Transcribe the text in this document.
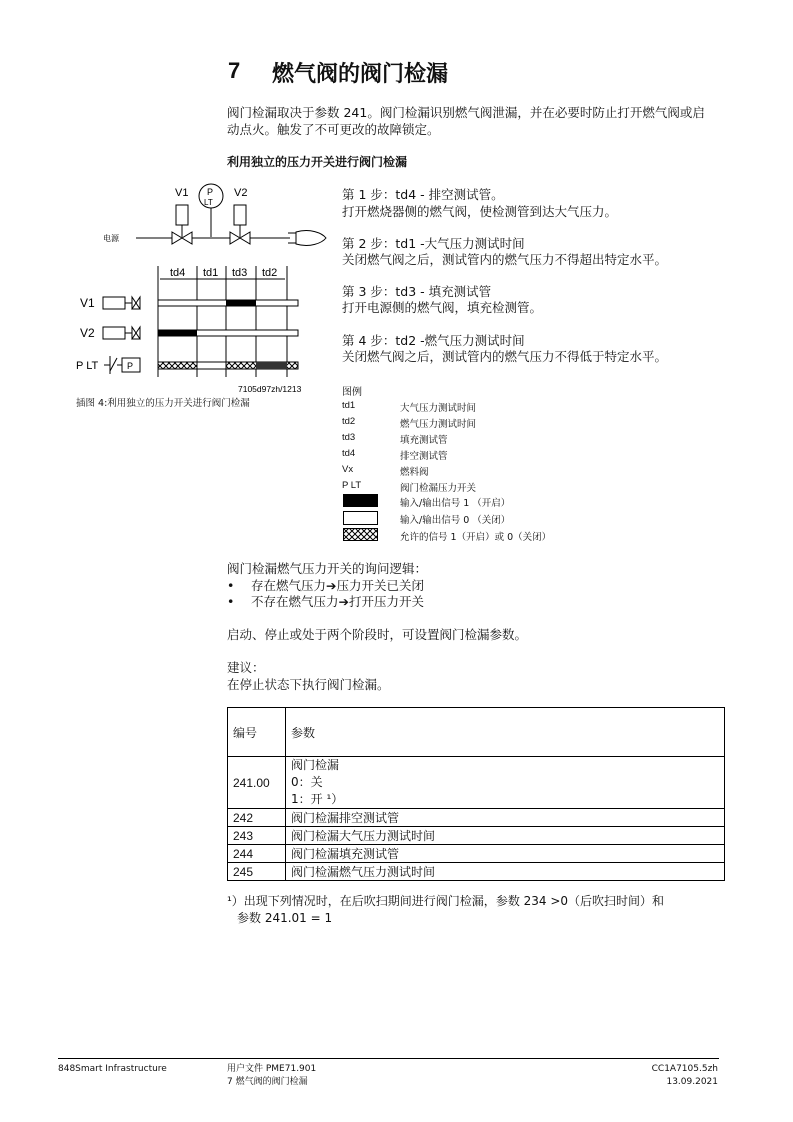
7 燃气阀的阀门检漏
阀门检漏取决于参数 241。阀门检漏识别燃气阀泄漏，并在必要时防止打开燃气阀或启
动点火。触发了不可更改的故障锁定。
利用独立的压力开关进行阀门检漏
V1	V2
P
LT
电源
td4 td1 td3 td2
V1
V2
P LT	P
7105d97zh/1213
插图 4:利用独立的压力开关进行阀门检漏
第 1 步：td4 - 排空测试管。
打开燃烧器侧的燃气阀，使检测管到达大气压力。
第 2 步：td1 -大气压力测试时间
关闭燃气阀之后，测试管内的燃气压力不得超出特定水平。
第 3 步：td3 - 填充测试管
打开电源侧的燃气阀，填充检测管。
第 4 步：td2 -燃气压力测试时间
关闭燃气阀之后，测试管内的燃气压力不得低于特定水平。
图例
td1	大气压力测试时间
td2	燃气压力测试时间
td3	填充测试管
td4	排空测试管
Vx	燃料阀
P LT	阀门检漏压力开关
输入/输出信号 1 （开启）
输入/输出信号 0 （关闭）
允许的信号 1（开启）或 0（关闭）
阀门检漏燃气压力开关的询问逻辑：
• 存在燃气压力➔压力开关已关闭
• 不存在燃气压力➔打开压力开关
启动、停止或处于两个阶段时，可设置阀门检漏参数。
建议：
在停止状态下执行阀门检漏。
编号	参数
241.00	阀门检漏
0：关
1：开 ¹）

242	阀门检漏排空测试管
243	阀门检漏大气压力测试时间
244	阀门检漏填充测试管
245	阀门检漏燃气压力测试时间
¹）出现下列情况时，在后吹扫期间进行阀门检漏，参数 234 >0（后吹扫时间）和
参数 241.01 = 1
848Smart Infrastructure	用户文件 PME71.901
7 燃气阀的阀门检漏
CC1A7105.5zh
13.09.2021
